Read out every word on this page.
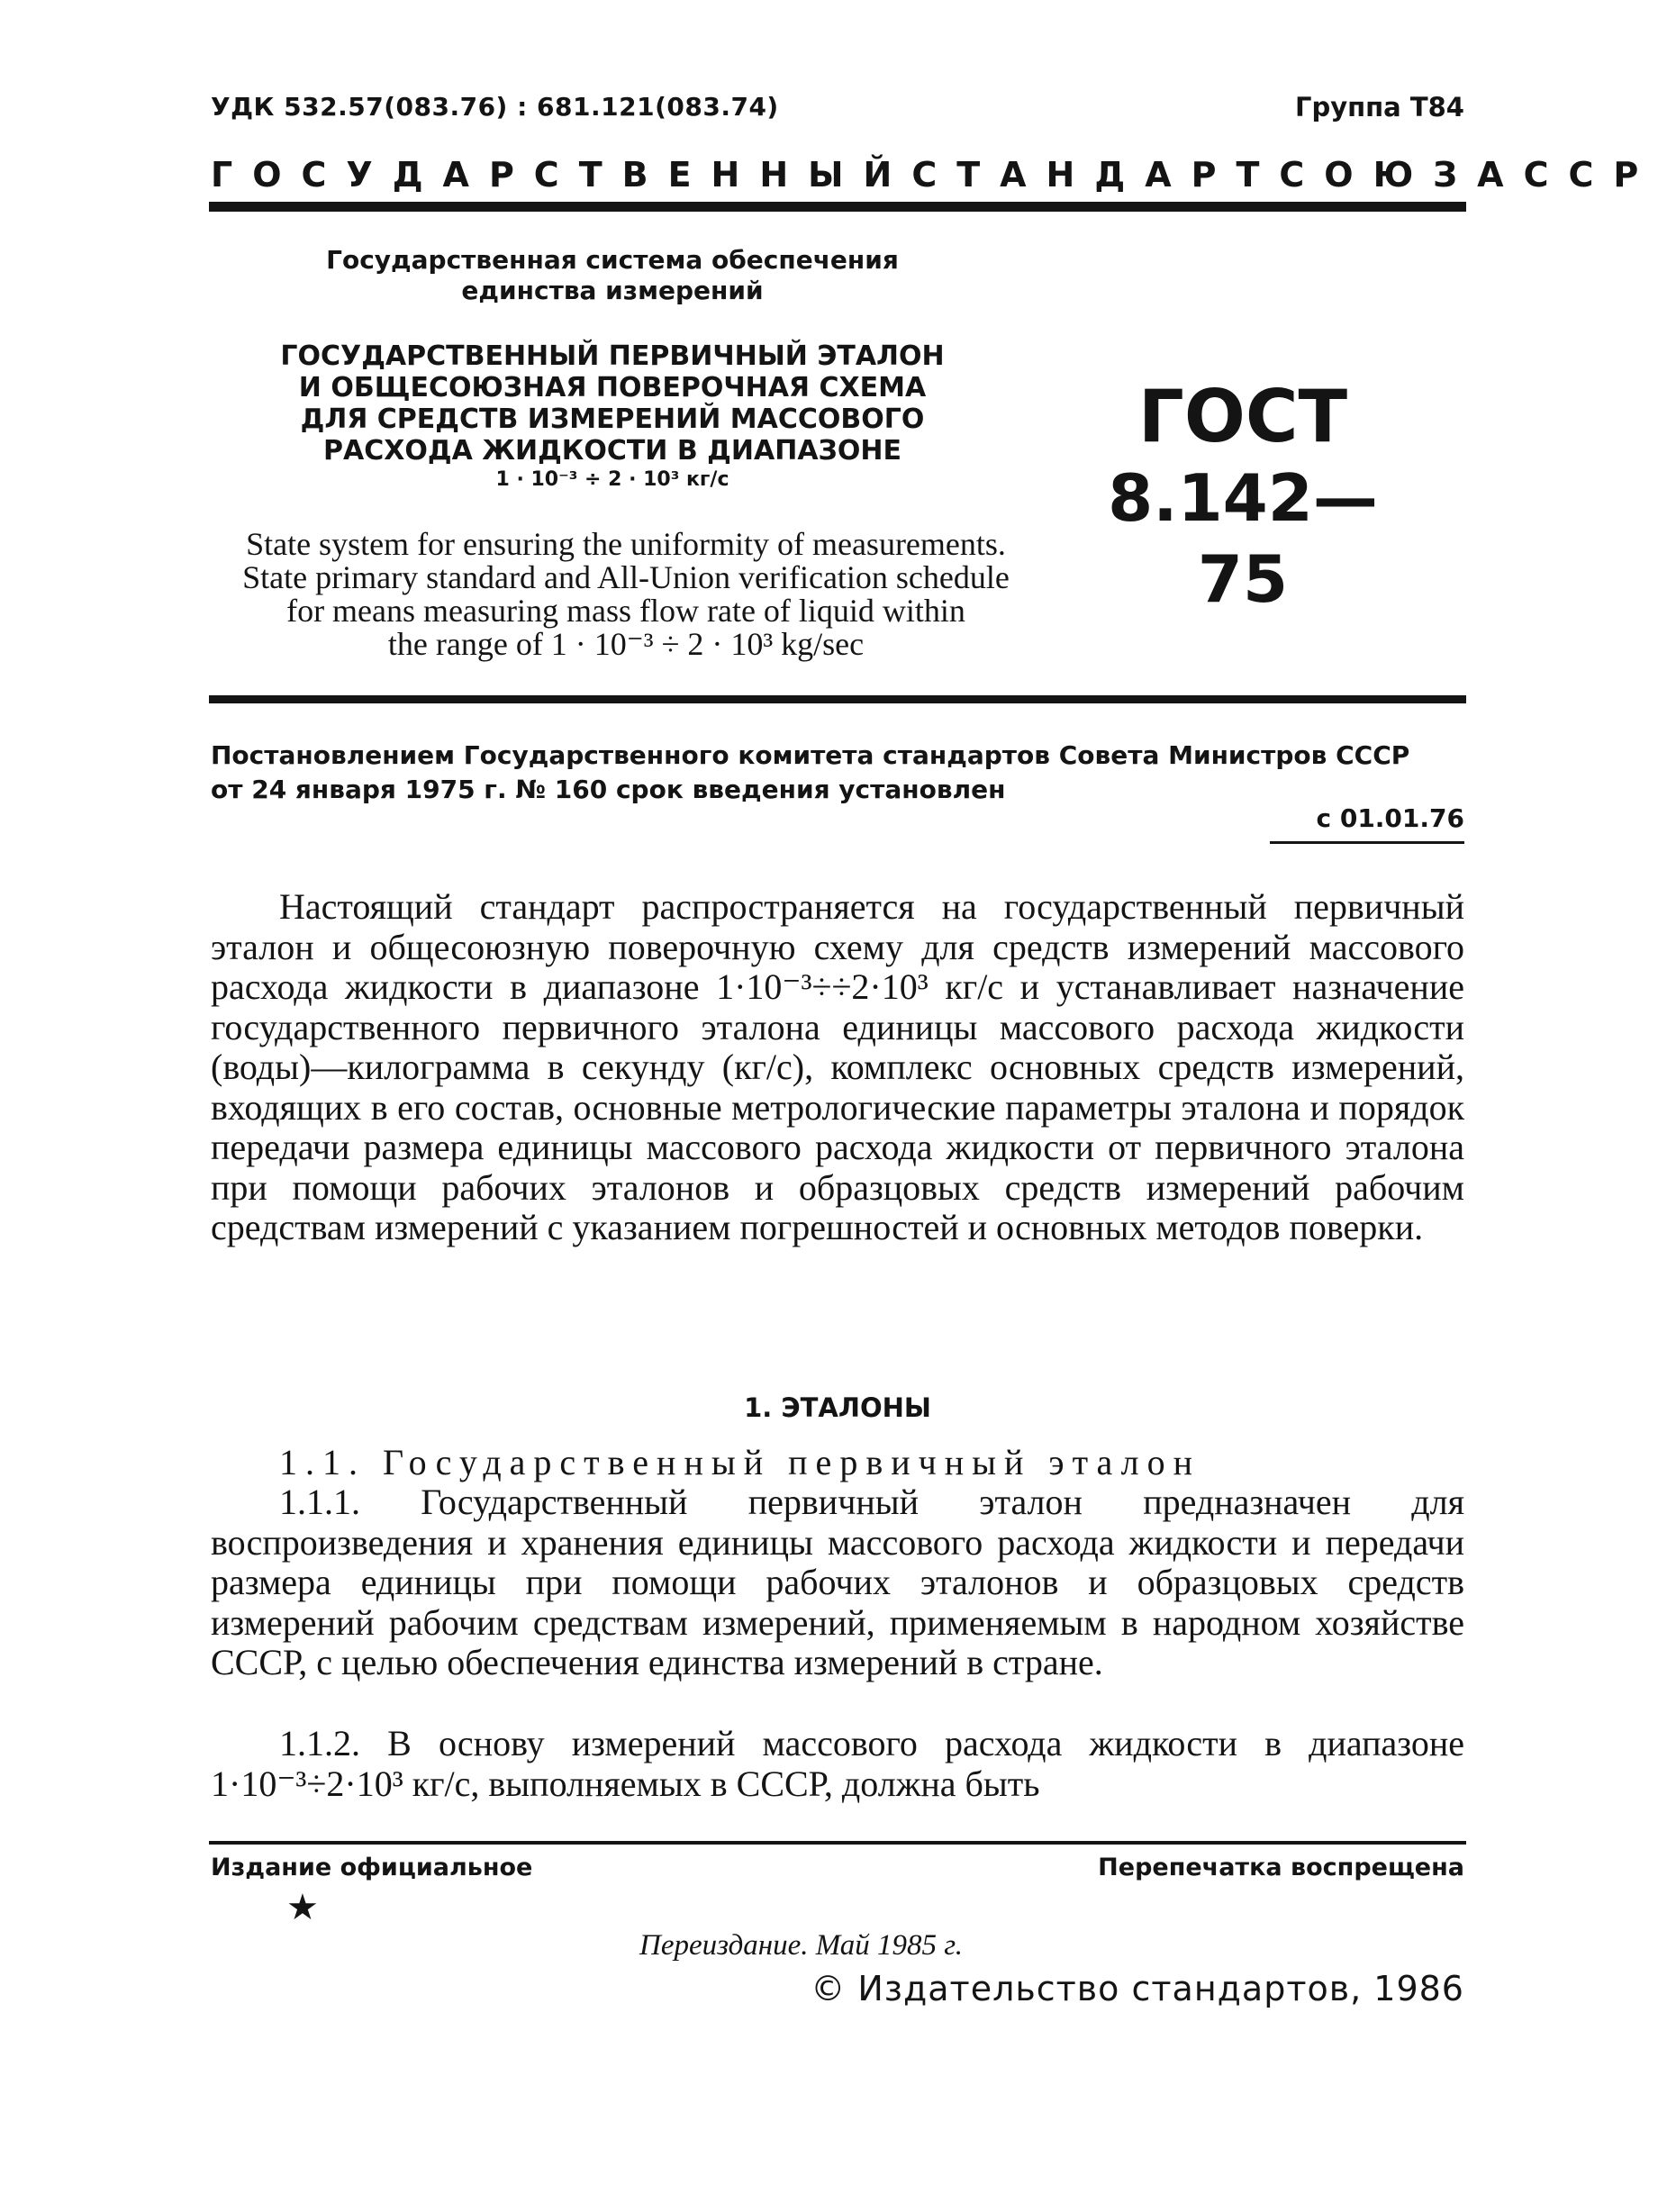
УДК 532.57(083.76) : 681.121(083.74)	Группа Т84
ГОСУДАРСТВЕННЫЙ СТАНДАРТ СОЮЗА ССР
Государственная система обеспечения
единства измерений
ГОСУДАРСТВЕННЫЙ ПЕРВИЧНЫЙ ЭТАЛОН
И ОБЩЕСОЮЗНАЯ ПОВЕРОЧНАЯ СХЕМА
ДЛЯ СРЕДСТВ ИЗМЕРЕНИЙ МАССОВОГО
РАСХОДА ЖИДКОСТИ В ДИАПАЗОНЕ
1 · 10⁻³ ÷ 2 · 10³ кг/с
ГОСТ
8.142—75
State system for ensuring the uniformity of measurements.
State primary standard and All-Union verification schedule
for means measuring mass flow rate of liquid within
the range of 1 · 10⁻³ ÷ 2 · 10³ kg/sec
Постановлением Государственного комитета стандартов Совета Министров СССР
от 24 января 1975 г. № 160 срок введения установлен
с 01.01.76
Настоящий стандарт распространяется на государственный первичный эталон и общесоюзную поверочную схему для средств измерений массового расхода жидкости в диапазоне 1·10⁻³÷÷2·10³ кг/с и устанавливает назначение государственного первичного эталона единицы массового расхода жидкости (воды)—килограмма в секунду (кг/с), комплекс основных средств измерений, входящих в его состав, основные метрологические параметры эталона и порядок передачи размера единицы массового расхода жидкости от первичного эталона при помощи рабочих эталонов и образцовых средств измерений рабочим средствам измерений с указанием погрешностей и основных методов поверки.
1. ЭТАЛОНЫ
1.1. Государственный первичный эталон
1.1.1. Государственный первичный эталон предназначен для воспроизведения и хранения единицы массового расхода жидкости и передачи размера единицы при помощи рабочих эталонов и образцовых средств измерений рабочим средствам измерений, применяемым в народном хозяйстве СССР, с целью обеспечения единства измерений в стране.
1.1.2. В основу измерений массового расхода жидкости в диапазоне 1·10⁻³÷2·10³ кг/с, выполняемых в СССР, должна быть
Издание официальное	Перепечатка воспрещена
★
Переиздание. Май 1985 г.
© Издательство стандартов, 1986
